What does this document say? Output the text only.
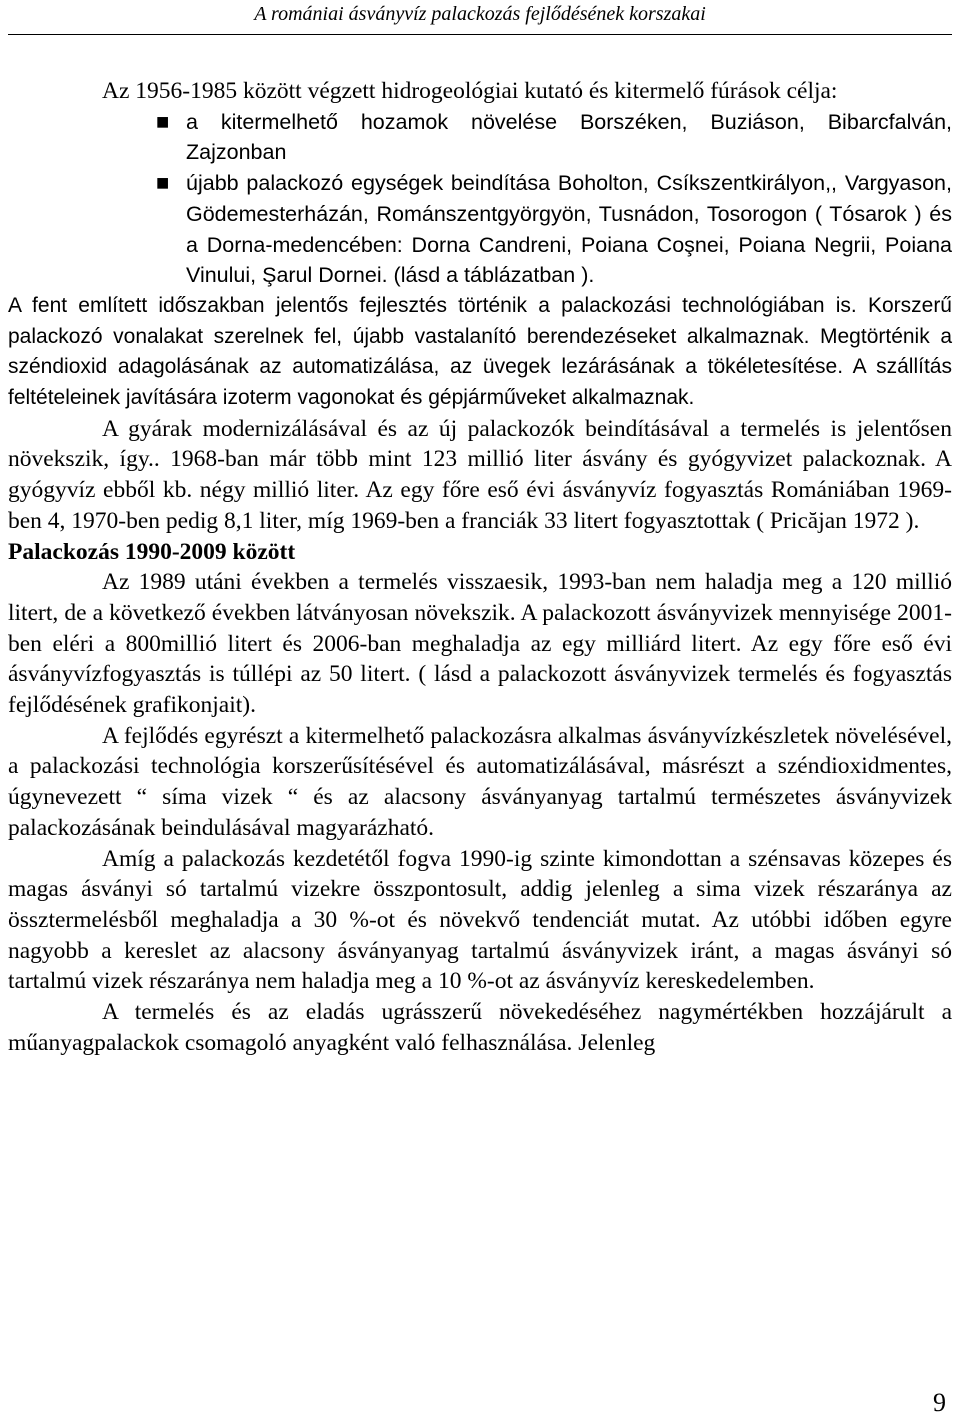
A romániai ásványvíz palackozás fejlődésének korszakai

Az 1956-1985 között végzett hidrogeológiai kutató és kitermelő fúrások célja:

■ a kitermelhető hozamok növelése Borszéken, Buziáson, Bibarcfalván, Zajzonban
■ újabb palackozó egységek beindítása Boholton, Csíkszentkirályon,, Vargyason, Gödemesterházán, Románszentgyörgyön, Tusnádon, Tosorogon ( Tósarok ) és a Dorna-medencében: Dorna Candreni, Poiana Coşnei, Poiana Negrii, Poiana Vinului, Şarul Dornei. (lásd a táblázatban ).

A fent említett időszakban jelentős fejlesztés történik a palackozási technológiában is. Korszerű palackozó vonalakat szerelnek fel, újabb vastalanító berendezéseket alkalmaznak. Megtörténik a széndioxid adagolásának az automatizálása, az üvegek lezárásának a tökéletesítése. A szállítás feltételeinek javítására izoterm vagonokat és gépjárműveket alkalmaznak.

A gyárak modernizálásával és az új palackozók beindításával a termelés is jelentősen növekszik, így.. 1968-ban már több mint 123 millió liter ásvány és gyógyvizet palackoznak. A gyógyvíz ebből kb. négy millió liter. Az egy főre eső évi ásványvíz fogyasztás Romániában 1969-ben 4, 1970-ben pedig 8,1 liter, míg 1969-ben a franciák 33 litert fogyasztottak ( Pricăjan 1972 ).

Palackozás 1990-2009 között

Az 1989 utáni években a termelés visszaesik, 1993-ban nem haladja meg a 120 millió litert, de a következő években látványosan növekszik. A palackozott ásványvizek mennyisége 2001-ben eléri a 800millió litert és 2006-ban meghaladja az egy milliárd litert. Az egy főre eső évi ásványvízfogyasztás is túllépi az 50 litert. ( lásd a palackozott ásványvizek termelés és fogyasztás fejlődésének grafikonjait).

A fejlődés egyrészt a kitermelhető palackozásra alkalmas ásványvízkészletek növelésével, a palackozási technológia korszerűsítésével és automatizálásával, másrészt a széndioxidmentes, úgynevezett “ síma vizek “ és az alacsony ásványanyag tartalmú természetes ásványvizek palackozásának beindulásával magyarázható.

Amíg a palackozás kezdetétől fogva 1990-ig szinte kimondottan a szénsavas közepes és magas ásványi só tartalmú vizekre összpontosult, addig jelenleg a sima vizek részaránya az össztermelésből meghaladja a 30 %-ot és növekvő tendenciát mutat. Az utóbbi időben egyre nagyobb a kereslet az alacsony ásványanyag tartalmú ásványvizek iránt, a magas ásványi só tartalmú vizek részaránya nem haladja meg a 10 %-ot az ásványvíz kereskedelemben.

A termelés és az eladás ugrásszerű növekedéséhez nagymértékben hozzájárult a műanyagpalackok csomagoló anyagként való felhasználása. Jelenleg

9
